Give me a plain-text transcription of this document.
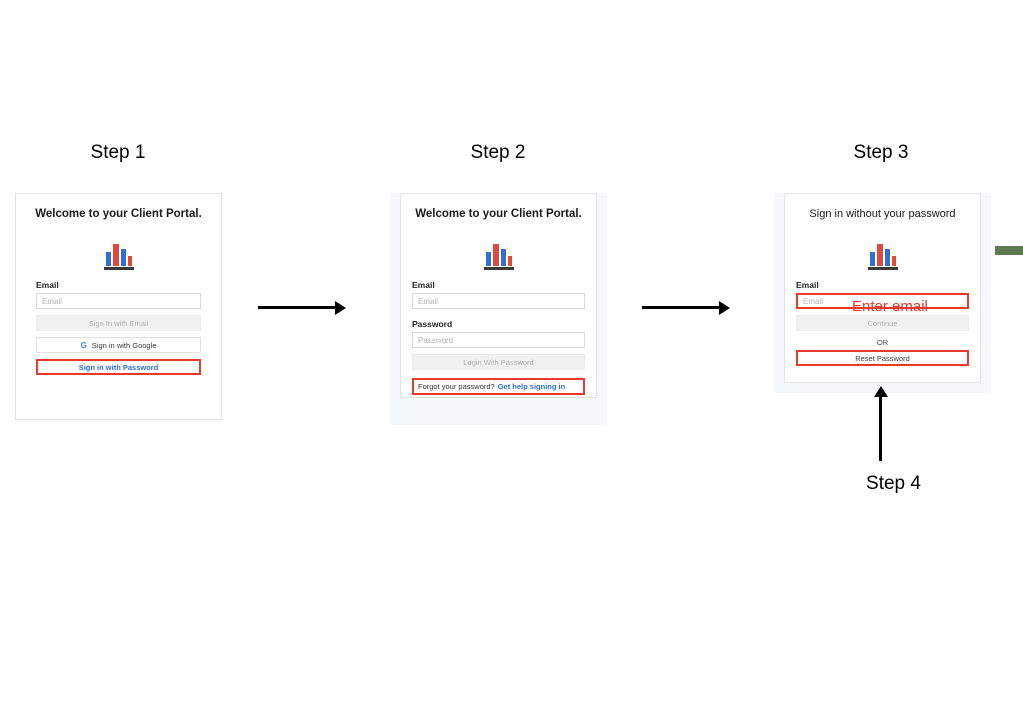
Step 1	Step 2	Step 3
Step 4
Welcome to your Client Portal.
Email
Email
Sign In with Email
G Sign in with Google
Sign in with Password
Welcome to your Client Portal.
Email
Email
Password
Password
Login With Password
Forgot your password? Get help signing in
Sign in without your password
Email
Email
Continue
OR
Reset Password
Enter email
